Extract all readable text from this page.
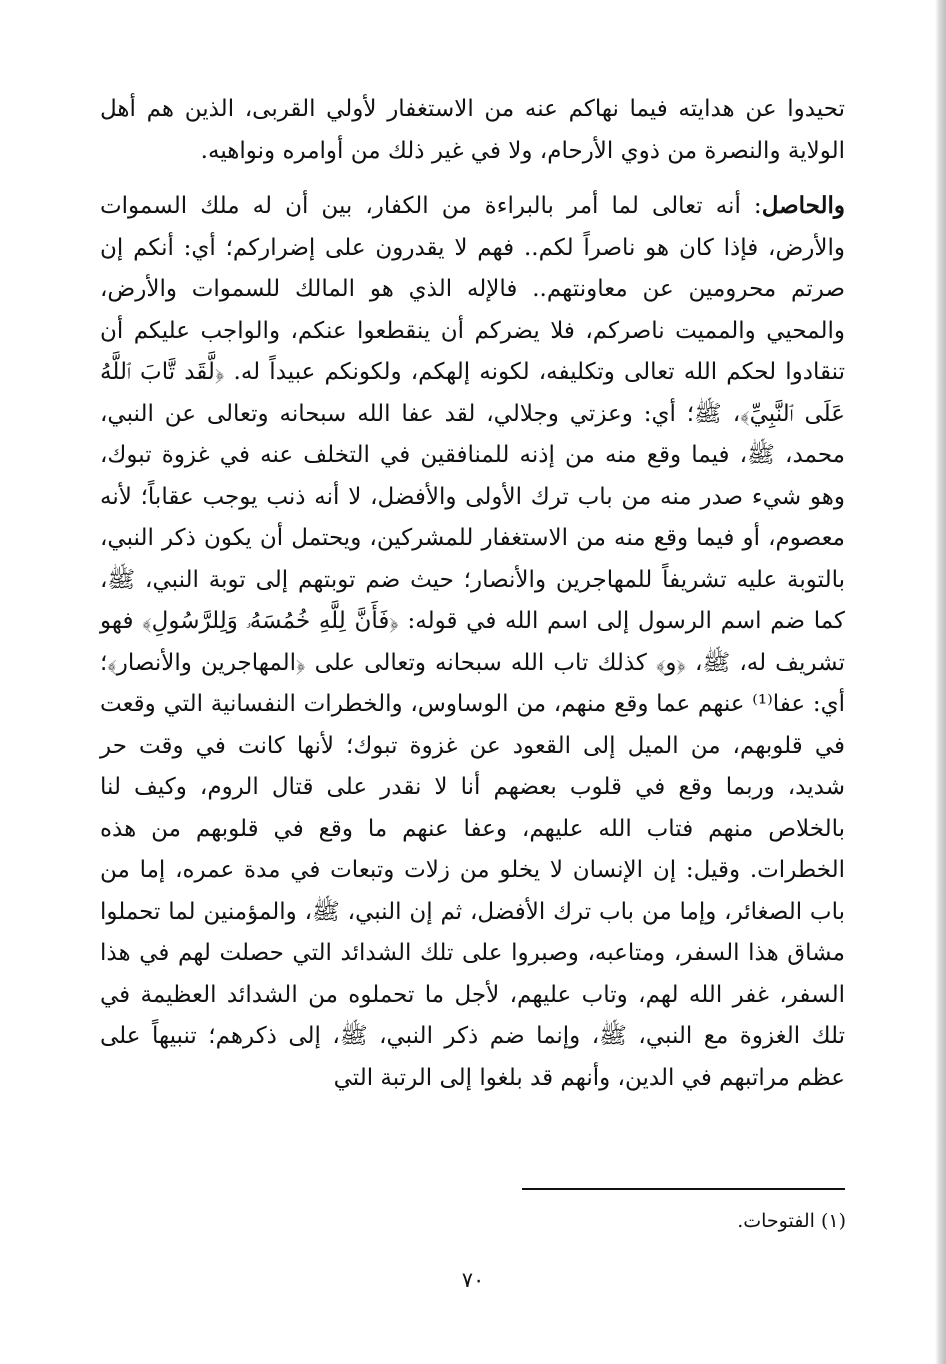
تحيدوا عن هدايته فيما نهاكم عنه من الاستغفار لأولي القربى، الذين هم أهل الولاية والنصرة من ذوي الأرحام، ولا في غير ذلك من أوامره ونواهيه.

والحاصل: أنه تعالى لما أمر بالبراءة من الكفار، بين أن له ملك السموات والأرض، فإذا كان هو ناصراً لكم.. فهم لا يقدرون على إضراركم؛ أي: أنكم إن صرتم محرومين عن معاونتهم.. فالإله الذي هو المالك للسموات والأرض، والمحيي والمميت ناصركم، فلا يضركم أن ينقطعوا عنكم، والواجب عليكم أن تنقادوا لحكم الله تعالى وتكليفه، لكونه إلهكم، ولكونكم عبيداً له. ﴿لَّقَد تَّابَ ٱللَّهُ عَلَى ٱلنَّبِيِّ﴾، ﷺ؛ أي: وعزتي وجلالي، لقد عفا الله سبحانه وتعالى عن النبي، محمد، ﷺ، فيما وقع منه من إذنه للمنافقين في التخلف عنه في غزوة تبوك، وهو شيء صدر منه من باب ترك الأولى والأفضل، لا أنه ذنب يوجب عقاباً؛ لأنه معصوم، أو فيما وقع منه من الاستغفار للمشركين، ويحتمل أن يكون ذكر النبي، بالتوبة عليه تشريفاً للمهاجرين والأنصار؛ حيث ضم توبتهم إلى توبة النبي، ﷺ، كما ضم اسم الرسول إلى اسم الله في قوله: ﴿فَأَنَّ لِلَّهِ خُمُسَهُۥ وَلِلرَّسُولِ﴾ فهو تشريف له، ﷺ، ﴿و﴾ كذلك تاب الله سبحانه وتعالى على ﴿المهاجرين والأنصار﴾؛ أي: عفا⁽¹⁾ عنهم عما وقع منهم، من الوساوس، والخطرات النفسانية التي وقعت في قلوبهم، من الميل إلى القعود عن غزوة تبوك؛ لأنها كانت في وقت حر شديد، وربما وقع في قلوب بعضهم أنا لا نقدر على قتال الروم، وكيف لنا بالخلاص منهم فتاب الله عليهم، وعفا عنهم ما وقع في قلوبهم من هذه الخطرات. وقيل: إن الإنسان لا يخلو من زلات وتبعات في مدة عمره، إما من باب الصغائر، وإما من باب ترك الأفضل، ثم إن النبي، ﷺ، والمؤمنين لما تحملوا مشاق هذا السفر، ومتاعبه، وصبروا على تلك الشدائد التي حصلت لهم في هذا السفر، غفر الله لهم، وتاب عليهم، لأجل ما تحملوه من الشدائد العظيمة في تلك الغزوة مع النبي، ﷺ، وإنما ضم ذكر النبي، ﷺ، إلى ذكرهم؛ تنبيهاً على عظم مراتبهم في الدين، وأنهم قد بلغوا إلى الرتبة التي

(١) الفتوحات.
٧٠
